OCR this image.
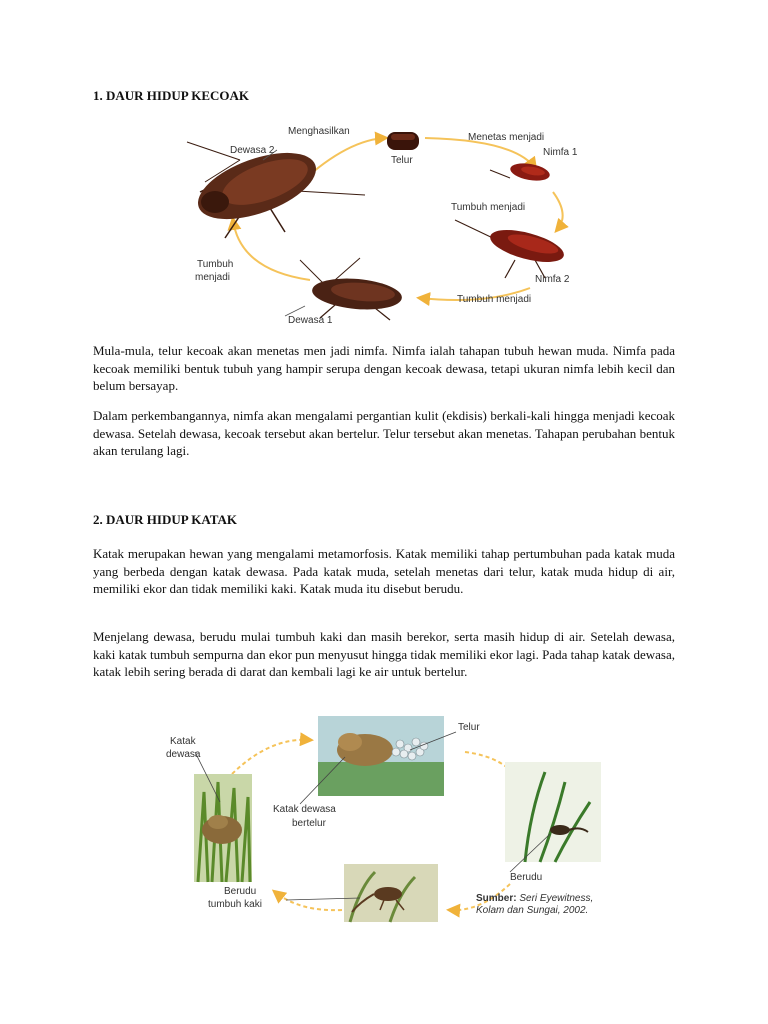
1. DAUR HIDUP KECOAK
Dewasa 2
Menghasilkan
Telur
Menetas menjadi
Nimfa 1
Tumbuh menjadi
Nimfa 2
Tumbuh menjadi
Dewasa 1
Tumbuh
menjadi

Mula-mula, telur kecoak akan menetas men jadi nimfa. Nimfa ialah tahapan tubuh hewan muda. Nimfa pada kecoak memiliki bentuk tubuh yang hampir serupa dengan kecoak dewasa, tetapi ukuran nimfa lebih kecil dan belum bersayap.

Dalam perkembangannya, nimfa akan mengalami pergantian kulit (ekdisis) berkali-kali hingga menjadi kecoak dewasa. Setelah dewasa, kecoak tersebut akan bertelur. Telur tersebut akan menetas. Tahapan perubahan bentuk akan terulang lagi.

2. DAUR HIDUP KATAK

Katak merupakan hewan yang mengalami metamorfosis. Katak memiliki tahap pertumbuhan pada katak muda yang berbeda dengan katak dewasa. Pada katak muda, setelah menetas dari telur, katak muda hidup di air, memiliki ekor dan tidak memiliki kaki. Katak muda itu disebut berudu.

Menjelang dewasa, berudu mulai tumbuh kaki dan masih berekor, serta masih hidup di air. Setelah dewasa, kaki katak tumbuh sempurna dan ekor pun menyusut hingga tidak memiliki ekor lagi. Pada tahap katak dewasa, katak lebih sering berada di darat dan kembali lagi ke air untuk bertelur.

Katak
dewasa
Telur
Katak dewasa
bertelur
Berudu
Berudu
tumbuh kaki
Sumber: Seri Eyewitness,
Kolam dan Sungai, 2002.
